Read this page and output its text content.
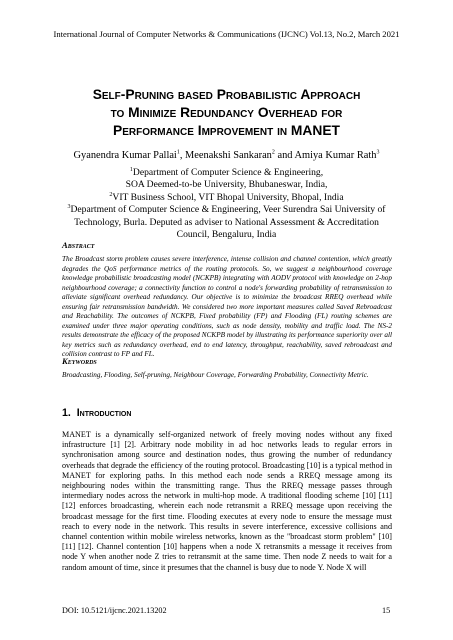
International Journal of Computer Networks & Communications (IJCNC) Vol.13, No.2, March 2021
Self-Pruning based Probabilistic Approach
to Minimize Redundancy Overhead for
Performance Improvement in MANET
Gyanendra Kumar Pallai$^1$, Meenakshi Sankaran$^2$ and Amiya Kumar Rath$^3$
$^1$Department of Computer Science & Engineering,
SOA Deemed-to-be University, Bhubaneswar, India,
$^2$VIT Business School, VIT Bhopal University, Bhopal, India
$^3$Department of Computer Science & Engineering, Veer Surendra Sai University of
Technology, Burla. Deputed as adviser to National Assessment & Accreditation
Council, Bengaluru, India
Abstract
The Broadcast storm problem causes severe interference, intense collision and channel contention, which greatly degrades the QoS performance metrics of the routing protocols. So, we suggest a neighbourhood coverage knowledge probabilistic broadcasting model (NCKPB) integrating with AODV protocol with knowledge on 2-hop neighbourhood coverage; a connectivity function to control a node's forwarding probability of retransmission to alleviate significant overhead redundancy. Our objective is to minimize the broadcast RREQ overhead while ensuring fair retransmission bandwidth. We considered two more important measures called Saved Rebroadcast and Reachability. The outcomes of NCKPB, Fixed probability (FP) and Flooding (FL) routing schemes are examined under three major operating conditions, such as node density, mobility and traffic load. The NS-2 results demonstrate the efficacy of the proposed NCKPB model by illustrating its performance superiority over all key metrics such as redundancy overhead, end to end latency, throughput, reachability, saved rebroadcast and collision contrast to FP and FL.
Keywords
Broadcasting, Flooding, Self-pruning, Neighbour Coverage, Forwarding Probability, Connectivity Metric.
1. Introduction
MANET is a dynamically self-organized network of freely moving nodes without any fixed infrastructure [1] [2]. Arbitrary node mobility in ad hoc networks leads to regular errors in synchronisation among source and destination nodes, thus growing the number of redundancy overheads that degrade the efficiency of the routing protocol. Broadcasting [10] is a typical method in MANET for exploring paths. In this method each node sends a RREQ message among its neighbouring nodes within the transmitting range. Thus the RREQ message passes through intermediary nodes across the network in multi-hop mode. A traditional flooding scheme [10] [11] [12] enforces broadcasting, wherein each node retransmit a RREQ message upon receiving the broadcast message for the first time. Flooding executes at every node to ensure the message must reach to every node in the network. This results in severe interference, excessive collisions and channel contention within mobile wireless networks, known as the "broadcast storm problem" [10] [11] [12]. Channel contention [10] happens when a node X retransmits a message it receives from node Y when another node Z tries to retransmit at the same time. Then node Z needs to wait for a random amount of time, since it presumes that the channel is busy due to node Y. Node X will
DOI: 10.5121/ijcnc.2021.13202	15
